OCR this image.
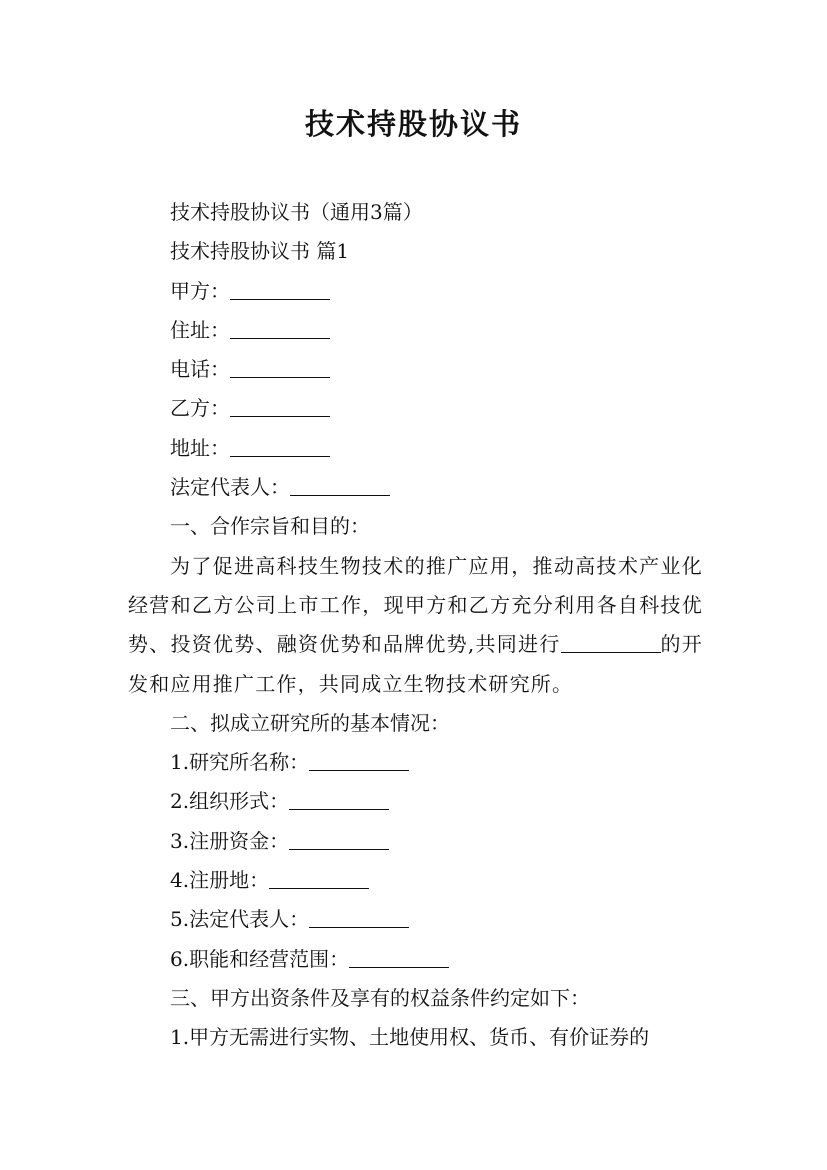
技术持股协议书

技术持股协议书（通用3篇）

技术持股协议书 篇1

甲方：

住址：

电话：

乙方：

地址：

法定代表人：

一、合作宗旨和目的：

为了促进高科技生物技术的推广应用，推动高技术产业化经营和乙方公司上市工作，现甲方和乙方充分利用各自科技优势、投资优势、融资优势和品牌优势,共同进行	的开发和应用推广工作，共同成立生物技术研究所。

二、拟成立研究所的基本情况：

1.研究所名称：

2.组织形式：

3.注册资金：

4.注册地：

5.法定代表人：

6.职能和经营范围：

三、甲方出资条件及享有的权益条件约定如下：

1.甲方无需进行实物、土地使用权、货币、有价证券的
